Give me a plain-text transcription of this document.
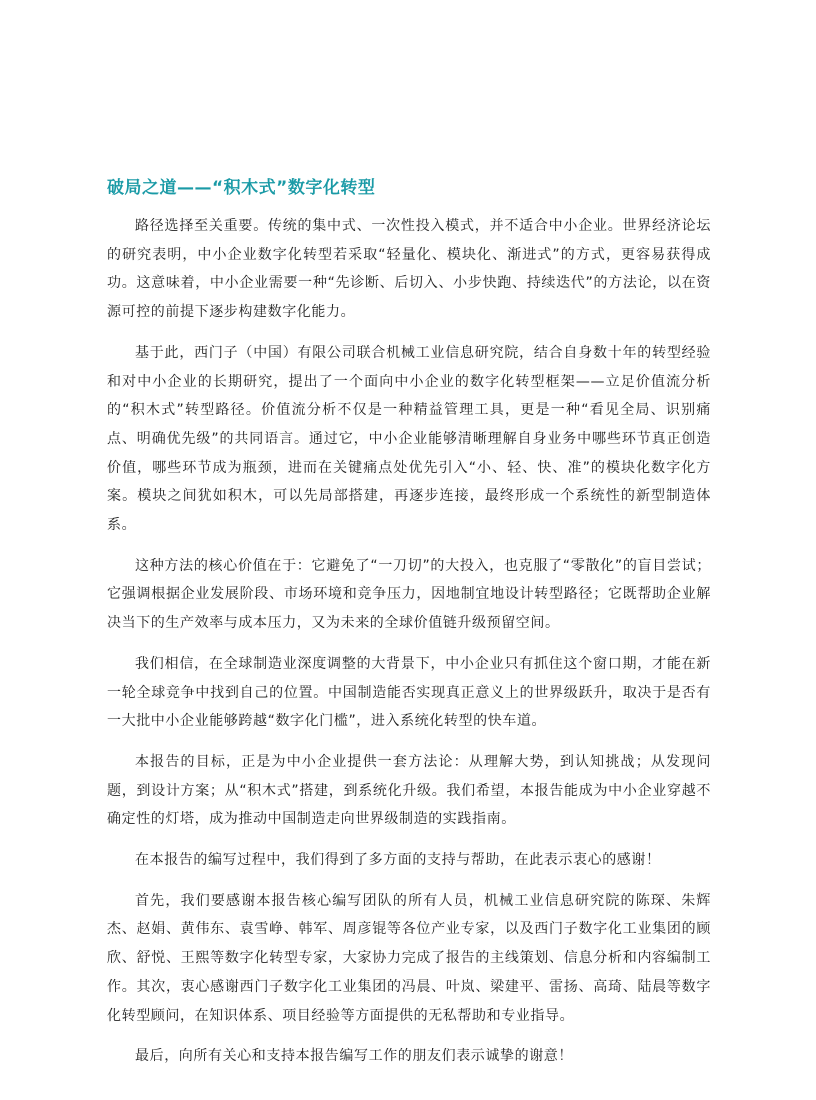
破局之道——“积木式”数字化转型

路径选择至关重要。传统的集中式、一次性投入模式，并不适合中小企业。世界经济论坛的研究表明，中小企业数字化转型若采取“轻量化、模块化、渐进式”的方式，更容易获得成功。这意味着，中小企业需要一种“先诊断、后切入、小步快跑、持续迭代”的方法论，以在资源可控的前提下逐步构建数字化能力。

基于此，西门子（中国）有限公司联合机械工业信息研究院，结合自身数十年的转型经验和对中小企业的长期研究，提出了一个面向中小企业的数字化转型框架——立足价值流分析的“积木式”转型路径。价值流分析不仅是一种精益管理工具，更是一种“看见全局、识别痛点、明确优先级”的共同语言。通过它，中小企业能够清晰理解自身业务中哪些环节真正创造价值，哪些环节成为瓶颈，进而在关键痛点处优先引入“小、轻、快、准”的模块化数字化方案。模块之间犹如积木，可以先局部搭建，再逐步连接，最终形成一个系统性的新型制造体系。

这种方法的核心价值在于：它避免了“一刀切”的大投入，也克服了“零散化”的盲目尝试；它强调根据企业发展阶段、市场环境和竞争压力，因地制宜地设计转型路径；它既帮助企业解决当下的生产效率与成本压力，又为未来的全球价值链升级预留空间。

我们相信，在全球制造业深度调整的大背景下，中小企业只有抓住这个窗口期，才能在新一轮全球竞争中找到自己的位置。中国制造能否实现真正意义上的世界级跃升，取决于是否有一大批中小企业能够跨越“数字化门槛”，进入系统化转型的快车道。

本报告的目标，正是为中小企业提供一套方法论：从理解大势，到认知挑战；从发现问题，到设计方案；从“积木式”搭建，到系统化升级。我们希望，本报告能成为中小企业穿越不确定性的灯塔，成为推动中国制造走向世界级制造的实践指南。

在本报告的编写过程中，我们得到了多方面的支持与帮助，在此表示衷心的感谢！

首先，我们要感谢本报告核心编写团队的所有人员，机械工业信息研究院的陈琛、朱辉杰、赵娟、黄伟东、袁雪峥、韩军、周彦锟等各位产业专家，以及西门子数字化工业集团的顾欣、舒悦、王熙等数字化转型专家，大家协力完成了报告的主线策划、信息分析和内容编制工作。其次，衷心感谢西门子数字化工业集团的冯晨、叶岚、梁建平、雷扬、高琦、陆晨等数字化转型顾问，在知识体系、项目经验等方面提供的无私帮助和专业指导。

最后，向所有关心和支持本报告编写工作的朋友们表示诚挚的谢意！
